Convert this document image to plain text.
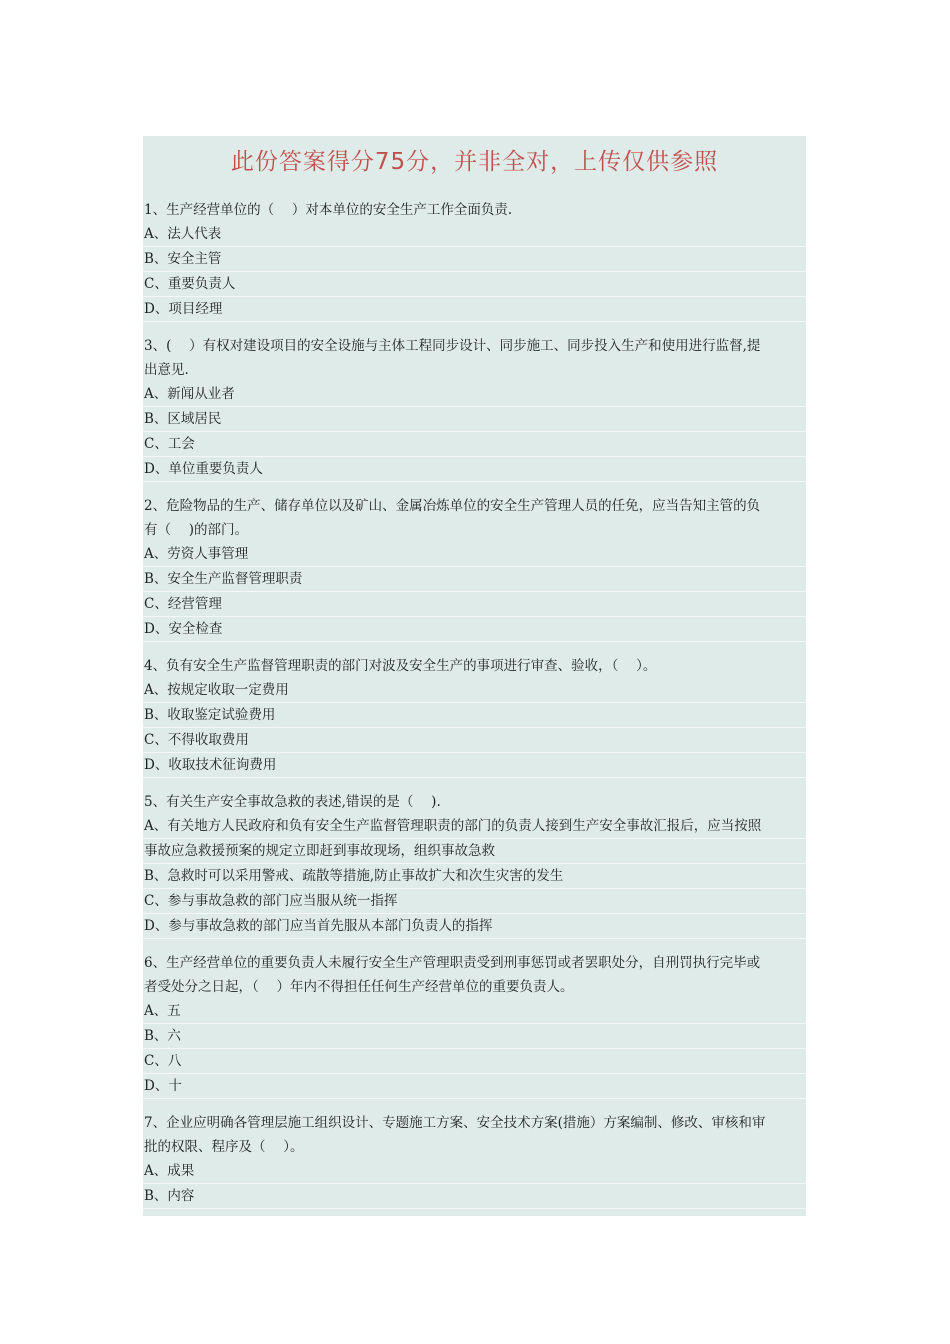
此份答案得分75分，并非全对，上传仅供参照
1、生产经营单位的（　 ）对本单位的安全生产工作全面负责.
A、法人代表
B、安全主管
C、重要负责人
D、项目经理
3、(　 ）有权对建设项目的安全设施与主体工程同步设计、同步施工、同步投入生产和使用进行监督,提
出意见.
A、新闻从业者
B、区域居民
C、工会
D、单位重要负责人
2、危险物品的生产、储存单位以及矿山、金属冶炼单位的安全生产管理人员的任免，应当告知主管的负
有（　 )的部门。
A、劳资人事管理
B、安全生产监督管理职责
C、经营管理
D、安全检查
4、负有安全生产监督管理职责的部门对波及安全生产的事项进行审查、验收，（　 ）。
A、按规定收取一定费用
B、收取鉴定试验费用
C、不得收取费用
D、收取技术征询费用
5、有关生产安全事故急救的表述,错误的是（　 ).
A、有关地方人民政府和负有安全生产监督管理职责的部门的负责人接到生产安全事故汇报后，应当按照
事故应急救援预案的规定立即赶到事故现场，组织事故急救
B、急救时可以采用警戒、疏散等措施,防止事故扩大和次生灾害的发生
C、参与事故急救的部门应当服从统一指挥
D、参与事故急救的部门应当首先服从本部门负责人的指挥
6、生产经营单位的重要负责人未履行安全生产管理职责受到刑事惩罚或者罢职处分，自刑罚执行完毕或
者受处分之日起，（　 ）年内不得担任任何生产经营单位的重要负责人。
A、五
B、六
C、八
D、十
7、企业应明确各管理层施工组织设计、专题施工方案、安全技术方案(措施）方案编制、修改、审核和审
批的权限、程序及（　 ）。
A、成果
B、内容
